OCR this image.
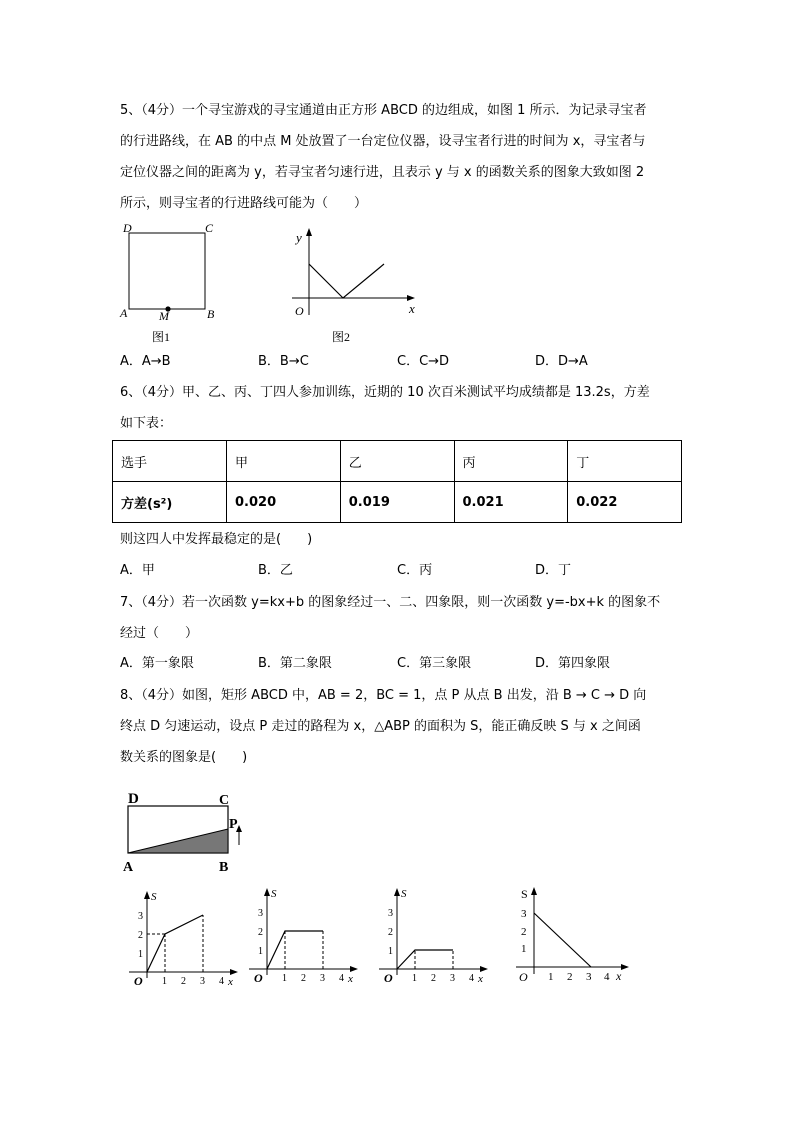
5、（4分）一个寻宝游戏的寻宝通道由正方形 ABCD 的边组成，如图 1 所示．为记录寻宝者
的行进路线，在 AB 的中点 M 处放置了一台定位仪器，设寻宝者行进的时间为 x，寻宝者与
定位仪器之间的距离为 y，若寻宝者匀速行进，且表示 y 与 x 的函数关系的图象大致如图 2
所示，则寻宝者的行进路线可能为（　　）
D	C
A	B
M
图1
y
x
O
图2
A．A→B	B．B→C	C．C→D	D．D→A
6、（4分）甲、乙、丙、丁四人参加训练，近期的 10 次百米测试平均成绩都是 13.2s，方差
如下表：
选手	甲	乙	丙	丁
方差(s²)	0.020	0.019	0.021	0.022
则这四人中发挥最稳定的是(　　)
A．甲	B．乙	C．丙	D．丁
7、（4分）若一次函数 y=kx+b 的图象经过一、二、四象限，则一次函数 y=-bx+k 的图象不
经过（　　）
A．第一象限	B．第二象限	C．第三象限	D．第四象限
8、（4分）如图，矩形 ABCD 中，AB = 2，BC = 1，点 P 从点 B 出发，沿 B → C → D 向
终点 D 匀速运动，设点 P 走过的路程为 x，△ABP 的面积为 S，能正确反映 S 与 x 之间函
数关系的图象是(　　)
D	C
P
A	B
S
O	x
1 2 3 4
1
2
3
S
O	x
1 2 3 4
1
2
3
S
O	x
1 2 3 4
1
2
3
S
O	x
1 2 3 4
1
2
3
